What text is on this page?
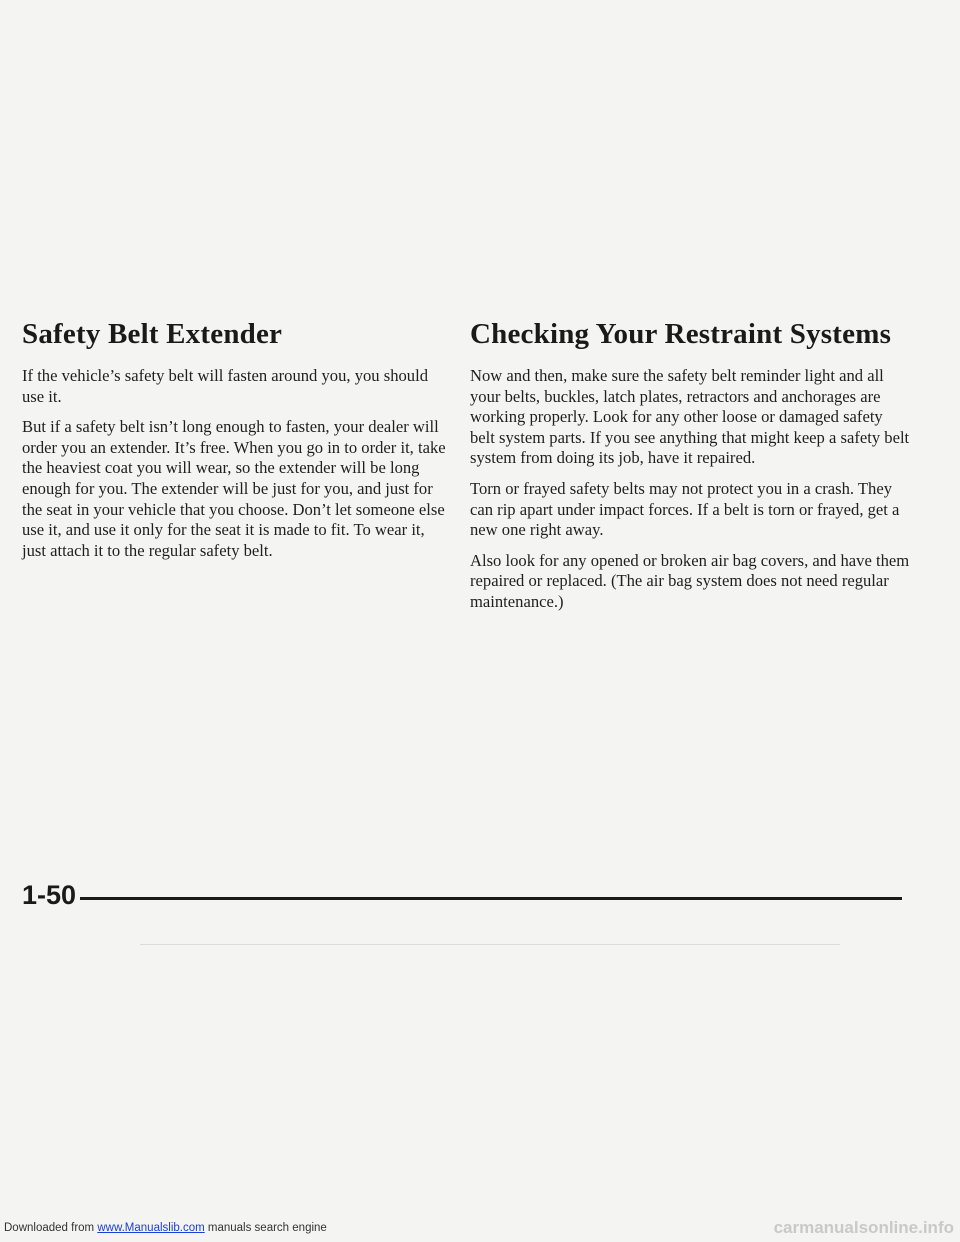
Safety Belt Extender

If the vehicle’s safety belt will fasten around you, you should use it.

But if a safety belt isn’t long enough to fasten, your dealer will order you an extender. It’s free. When you go in to order it, take the heaviest coat you will wear, so the extender will be long enough for you. The extender will be just for you, and just for the seat in your vehicle that you choose. Don’t let someone else use it, and use it only for the seat it is made to fit. To wear it, just attach it to the regular safety belt.

Checking Your Restraint Systems

Now and then, make sure the safety belt reminder light and all your belts, buckles, latch plates, retractors and anchorages are working properly. Look for any other loose or damaged safety belt system parts. If you see anything that might keep a safety belt system from doing its job, have it repaired.

Torn or frayed safety belts may not protect you in a crash. They can rip apart under impact forces. If a belt is torn or frayed, get a new one right away.

Also look for any opened or broken air bag covers, and have them repaired or replaced. (The air bag system does not need regular maintenance.)

1-50
Downloaded from www.Manualslib.com manuals search engine	carmanualsonline.info
